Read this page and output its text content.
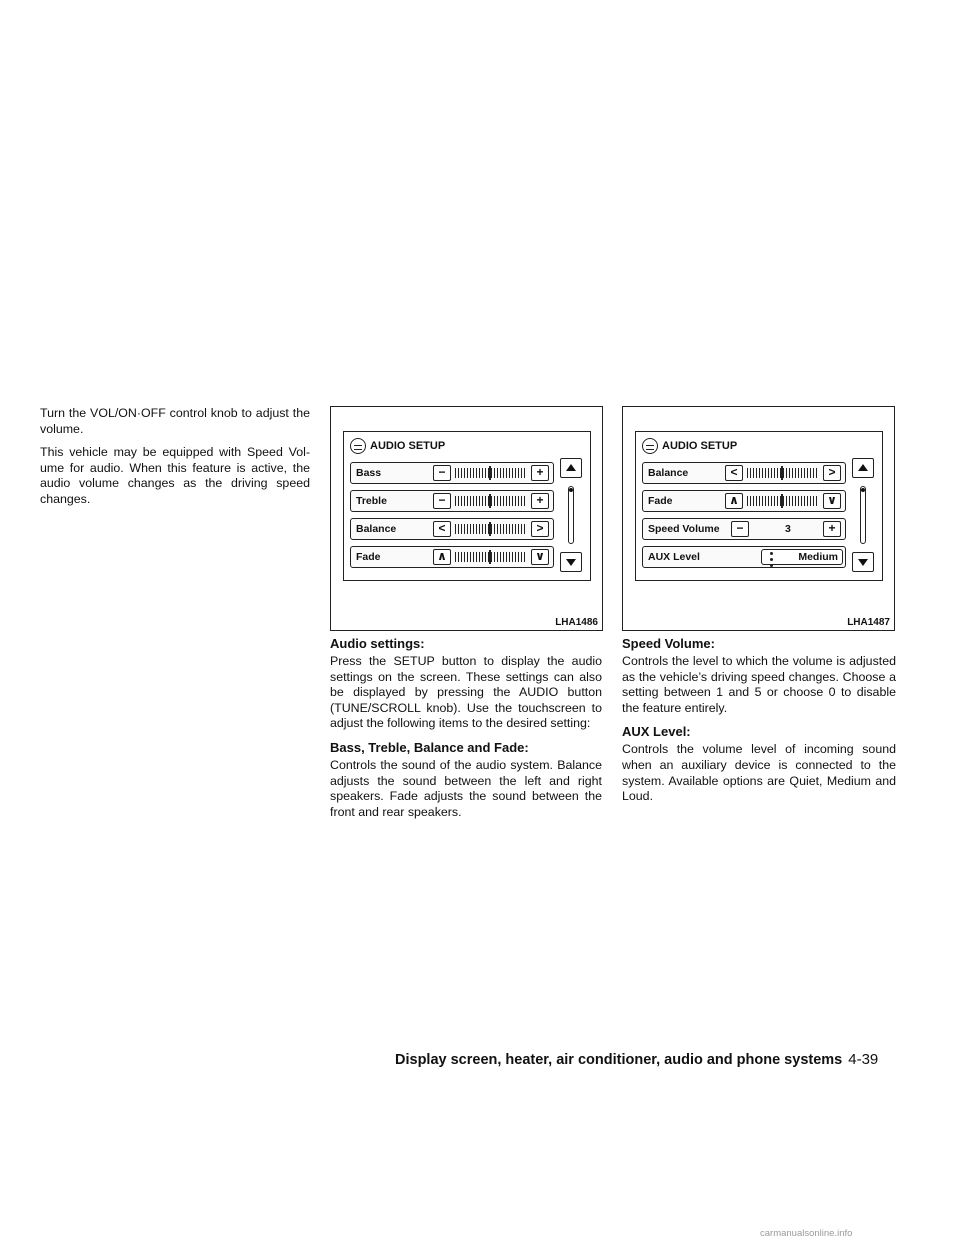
Turn the VOL/ON·OFF control knob to adjust the volume.

This vehicle may be equipped with Speed Vol-ume for audio. When this feature is active, the audio volume changes as the driving speed changes.

AUDIO SETUP
Bass	−	+
Treble	−	+
Balance	<	>
Fade	∧	∨
LHA1486
AUDIO SETUP
Balance	<	>
Fade	∧	∨
Speed Volume	−	3	+
AUX Level	Medium
LHA1487
Audio settings:

Press the SETUP button to display the audio settings on the screen. These settings can also be displayed by pressing the AUDIO button (TUNE/SCROLL knob). Use the touchscreen to adjust the following items to the desired setting:

Bass, Treble, Balance and Fade:

Controls the sound of the audio system. Balance adjusts the sound between the left and right speakers. Fade adjusts the sound between the front and rear speakers.

Speed Volume:

Controls the level to which the volume is adjusted as the vehicle’s driving speed changes. Choose a setting between 1 and 5 or choose 0 to disable the feature entirely.

AUX Level:

Controls the volume level of incoming sound when an auxiliary device is connected to the system. Available options are Quiet, Medium and Loud.

Display screen, heater, air conditioner, audio and phone systems 4-39
carmanualsonline.info
